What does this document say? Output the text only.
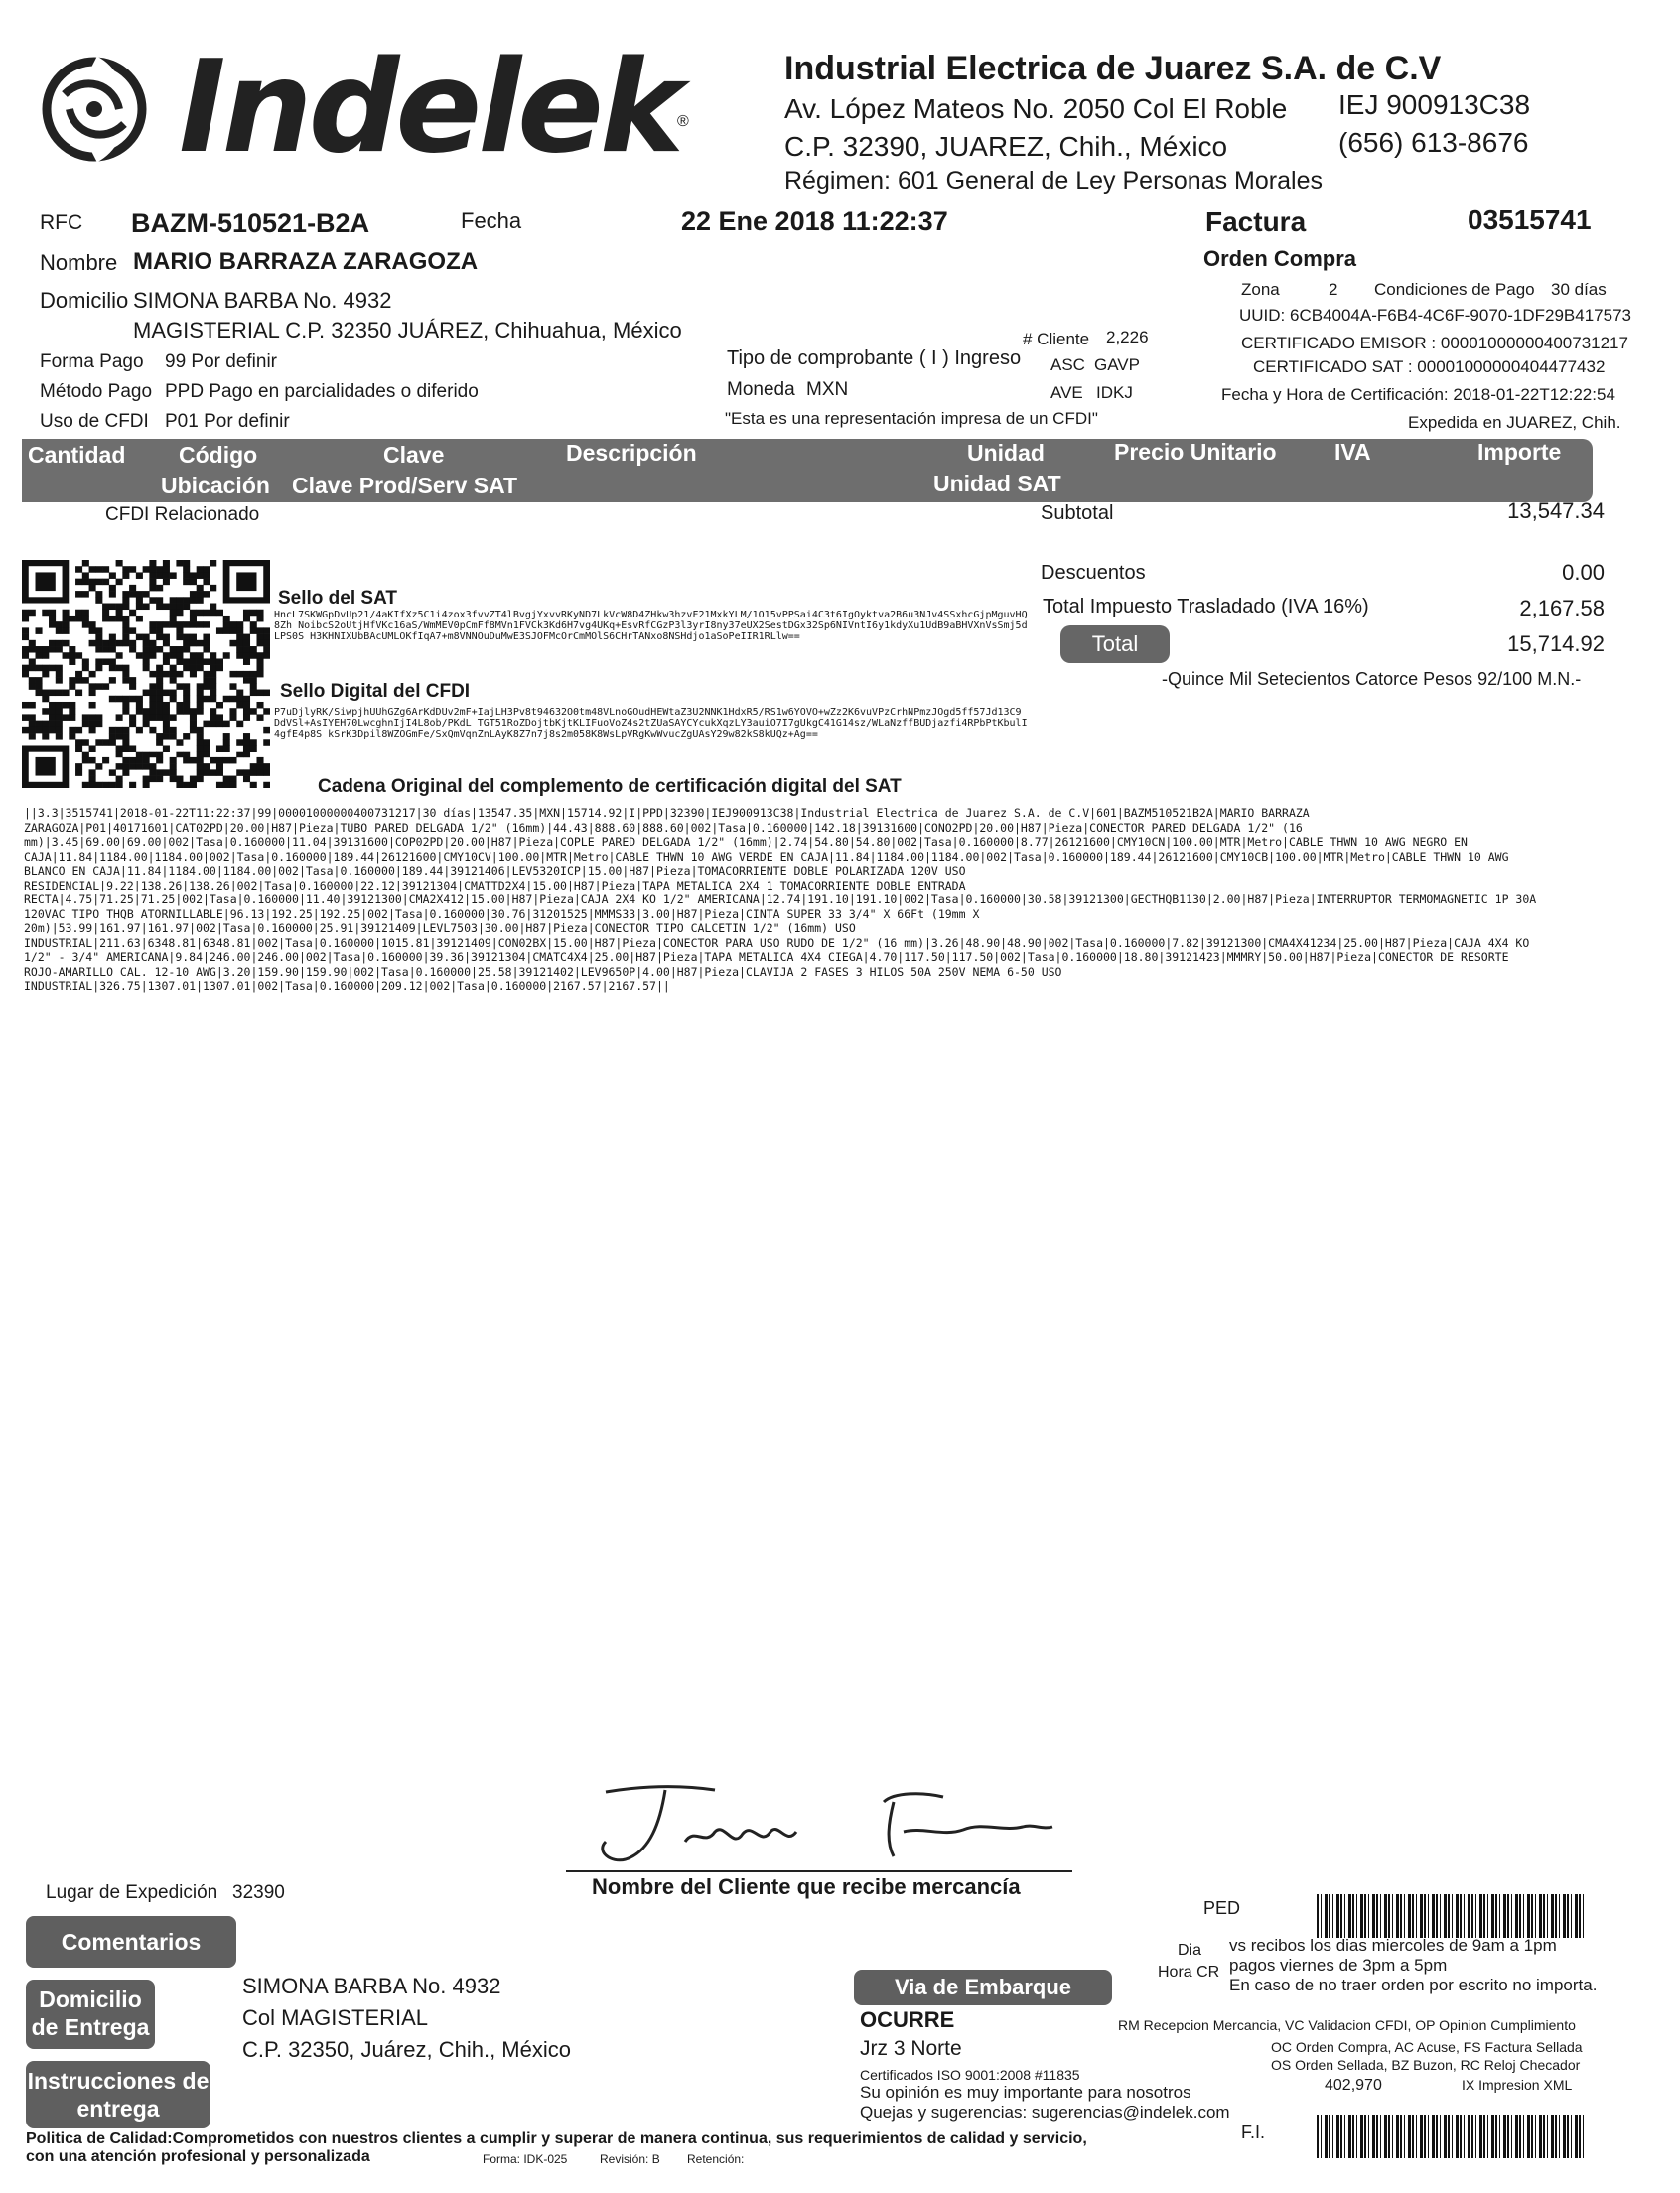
Indelek
®
Industrial Electrica de Juarez S.A. de C.V
Av. López Mateos No. 2050 Col El Roble IEJ 900913C38
C.P. 32390, JUAREZ, Chih., México	(656) 613-8676
Régimen: 601 General de Ley Personas Morales
RFC BAZM-510521-B2A	Fecha	22 Ene 2018 11:22:37	Factura	03515741
Nombre MARIO BARRAZA ZARAGOZA	Orden Compra
Domicilio SIMONA BARBA No. 4932	Zona	2 Condiciones de Pago 30 días
UUID: 6CB4004A-F6B4-4C6F-9070-1DF29B417573
MAGISTERIAL C.P. 32350 JUÁREZ, Chihuahua, México	# Cliente 2,226	CERTIFICADO EMISOR : 00001000000400731217
Forma Pago 99 Por definir	Tipo de comprobante ( I ) Ingreso ASC GAVP	CERTIFICADO SAT : 00001000000404477432
Método Pago PPD Pago en parcialidades o diferido	Moneda MXN	AVE IDKJ	Fecha y Hora de Certificación: 2018-01-22T12:22:54
Uso de CFDI P01 Por definir	"Esta es una representación impresa de un CFDI"	Expedida en JUAREZ, Chih.
Cantidad Código	Clave	Descripción	Unidad	Precio Unitario	IVA	Importe
Ubicación Clave Prod/Serv SAT	Unidad SAT
CFDI Relacionado	Subtotal	13,547.34
Descuentos	0.00
Total Impuesto Trasladado (IVA 16%)	2,167.58
Total	15,714.92
-Quince Mil Setecientos Catorce Pesos 92/100 M.N.-
Sello del SAT
HncL7SKWGpDvUp21/4aKIfXz5C1i4zox3fvvZT4lBvgjYxvvRKyND7LkVcW8D4ZHkw3hzvF21MxkYLM/1O15vPPSai4C3t6IgOyktva2B6u3NJv4SSxhcGjpMguvHQ8Zh NoibcS2oUtjHfVKc16aS/WmMEV0pCmFf8MVn1FVCk3Kd6H7vg4UKq+EsvRfCGzP3l3yrI8ny37eUX2SestDGx32Sp6NIVntI6y1kdyXu1UdB9aBHVXnVsSmj5dLPS0S H3KHNIXUbBAcUMLOKfIqA7+m8VNNOuDuMwE3SJOFMcOrCmMOlS6CHrTANxo8NSHdjo1aSoPeIIR1RLlw==
Sello Digital del CFDI
P7uDjlyRK/SiwpjhUUhGZg6ArKdDUv2mF+IajLH3Pv8t94632O0tm48VLnoGOudHEWtaZ3U2NNK1HdxR5/RS1w6YOVO+wZz2K6vuVPzCrhNPmzJOgd5ff57Jd13C9 DdVSl+AsIYEH70LwcghnIjI4L8ob/PKdL TGT51RoZDojtbKjtKLIFuoVoZ4s2tZUaSAYCYcukXqzLY3auiO7I7gUkgC41G14sz/WLaNzffBUDjazfi4RPbPtKbulI4gfE4p8S kSrK3Dpil8WZOGmFe/SxQmVqnZnLAyK8Z7n7j8s2m058K8WsLpVRgKwWvucZgUAsY29w82kS8kUQz+Ag==
Cadena Original del complemento de certificación digital del SAT
||3.3|3515741|2018-01-22T11:22:37|99|00001000000400731217|30 días|13547.35|MXN|15714.92|I|PPD|32390|IEJ900913C38|Industrial Electrica de Juarez S.A. de C.V|601|BAZM510521B2A|MARIO BARRAZA
ZARAGOZA|P01|40171601|CAT02PD|20.00|H87|Pieza|TUBO PARED DELGADA 1/2" (16mm)|44.43|888.60|888.60|002|Tasa|0.160000|142.18|39131600|CONO2PD|20.00|H87|Pieza|CONECTOR PARED DELGADA 1/2" (16
mm)|3.45|69.00|69.00|002|Tasa|0.160000|11.04|39131600|COP02PD|20.00|H87|Pieza|COPLE PARED DELGADA 1/2" (16mm)|2.74|54.80|54.80|002|Tasa|0.160000|8.77|26121600|CMY10CN|100.00|MTR|Metro|CABLE THWN 10 AWG NEGRO EN
CAJA|11.84|1184.00|1184.00|002|Tasa|0.160000|189.44|26121600|CMY10CV|100.00|MTR|Metro|CABLE THWN 10 AWG VERDE EN CAJA|11.84|1184.00|1184.00|002|Tasa|0.160000|189.44|26121600|CMY10CB|100.00|MTR|Metro|CABLE THWN 10 AWG
BLANCO EN CAJA|11.84|1184.00|1184.00|002|Tasa|0.160000|189.44|39121406|LEV5320ICP|15.00|H87|Pieza|TOMACORRIENTE DOBLE POLARIZADA 120V USO
RESIDENCIAL|9.22|138.26|138.26|002|Tasa|0.160000|22.12|39121304|CMATTD2X4|15.00|H87|Pieza|TAPA METALICA 2X4 1 TOMACORRIENTE DOBLE ENTRADA
RECTA|4.75|71.25|71.25|002|Tasa|0.160000|11.40|39121300|CMA2X412|15.00|H87|Pieza|CAJA 2X4 KO 1/2" AMERICANA|12.74|191.10|191.10|002|Tasa|0.160000|30.58|39121300|GECTHQB1130|2.00|H87|Pieza|INTERRUPTOR TERMOMAGNETIC 1P 30A
120VAC TIPO THQB ATORNILLABLE|96.13|192.25|192.25|002|Tasa|0.160000|30.76|31201525|MMMS33|3.00|H87|Pieza|CINTA SUPER 33 3/4" X 66Ft (19mm X
20m)|53.99|161.97|161.97|002|Tasa|0.160000|25.91|39121409|LEVL7503|30.00|H87|Pieza|CONECTOR TIPO CALCETIN 1/2" (16mm) USO
INDUSTRIAL|211.63|6348.81|6348.81|002|Tasa|0.160000|1015.81|39121409|CON02BX|15.00|H87|Pieza|CONECTOR PARA USO RUDO DE 1/2" (16 mm)|3.26|48.90|48.90|002|Tasa|0.160000|7.82|39121300|CMA4X41234|25.00|H87|Pieza|CAJA 4X4 KO
1/2" - 3/4" AMERICANA|9.84|246.00|246.00|002|Tasa|0.160000|39.36|39121304|CMATC4X4|25.00|H87|Pieza|TAPA METALICA 4X4 CIEGA|4.70|117.50|117.50|002|Tasa|0.160000|18.80|39121423|MMMRY|50.00|H87|Pieza|CONECTOR DE RESORTE
ROJO-AMARILLO CAL. 12-10 AWG|3.20|159.90|159.90|002|Tasa|0.160000|25.58|39121402|LEV9650P|4.00|H87|Pieza|CLAVIJA 2 FASES 3 HILOS 50A 250V NEMA 6-50 USO
INDUSTRIAL|326.75|1307.01|1307.01|002|Tasa|0.160000|209.12|002|Tasa|0.160000|2167.57|2167.57||
Nombre del Cliente que recibe mercancía
Lugar de Expedición 32390
Comentarios
Domicilio de Entrega
SIMONA BARBA No. 4932
Col MAGISTERIAL
C.P. 32350, Juárez, Chih., México
Instrucciones de entrega
Via de Embarque
OCURRE
Jrz 3 Norte
Certificados ISO 9001:2008 #11835
Su opinión es muy importante para nosotros
Quejas y sugerencias: sugerencias@indelek.com
PED
Dia
Hora CR
vs recibos los dias miercoles de 9am a 1pm
pagos viernes de 3pm a 5pm
En caso de no traer orden por escrito no importa.
RM Recepcion Mercancia, VC Validacion CFDI, OP Opinion Cumplimiento
OC Orden Compra, AC Acuse, FS Factura Sellada
OS Orden Sellada, BZ Buzon, RC Reloj Checador
402,970	IX Impresion XML
F.I.
Politica de Calidad:Comprometidos con nuestros clientes a cumplir y superar de manera continua, sus requerimientos de calidad y servicio,
con una atención profesional y personalizada	Forma: IDK-025	Revisión: B Retención:
